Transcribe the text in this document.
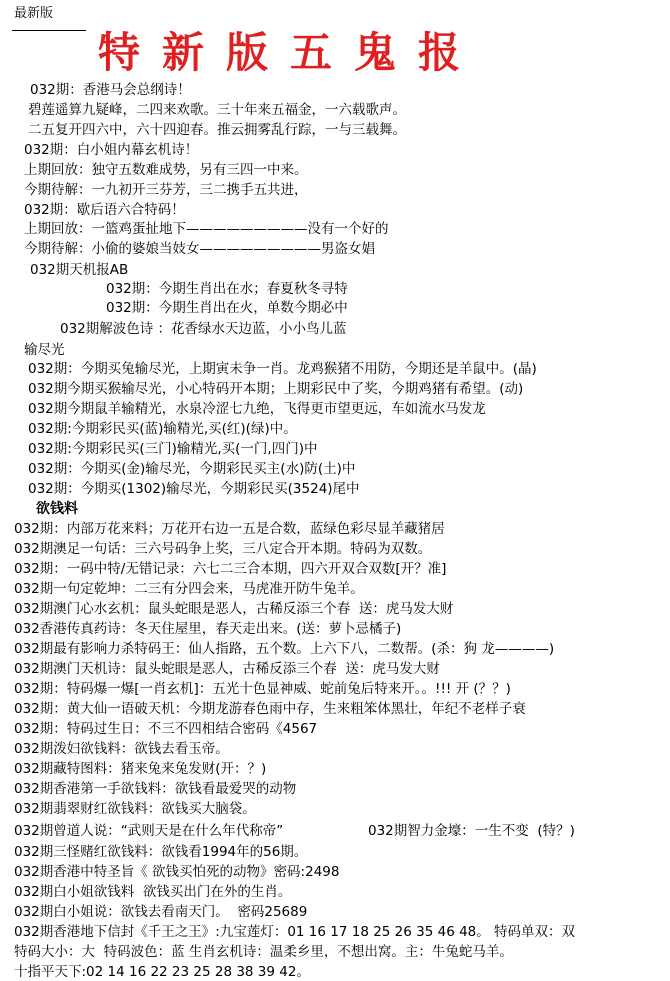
最新版
特新版五鬼报
032期：香港马会总纲诗！
碧莲遥算九疑峰，二四来欢歌。三十年来五福金，一六载歌声。
二五复开四六中，六十四迎春。推云拥雾乱行踪，一与三载舞。
032期：白小姐内幕玄机诗！
上期回放：独守五数难成势，另有三四一中来。
今期待解：一九初开三芬芳，三二携手五共进，
032期：歇后语六合特码！
上期回放：一篮鸡蛋扯地下—————————没有一个好的
今期待解：小偷的婆娘当妓女—————————男盗女娼
032期天机报AB
032期：今期生肖出在水；春夏秋冬寻特
032期：今期生肖出在火，单数今期必中
032期解波色诗 ：花香绿水天边蓝，小小鸟儿蓝
输尽光
032期：今期买兔输尽光，上期寅未争一肖。龙鸡猴猪不用防，今期还是羊鼠中。(晶)
032期今期买猴输尽光，小心特码开本期；上期彩民中了奖，今期鸡猪有希望。(动)
032期今期鼠羊输精光，水泉冷涩七九绝，飞得更市望更远，车如流水马发龙
032期:今期彩民买(蓝)输精光,买(红)(绿)中。
032期:今期彩民买(三门)输精光,买(一门,四门)中
032期：今期买(金)输尽光，今期彩民买主(水)防(土)中
032期：今期买(1302)输尽光，今期彩民买(3524)尾中
032期：内部万花来料；万花开右边一五是合数，蓝绿色彩尽显羊藏猪居
032期澳足一句话：三六号码争上奖，三八定合开本期。特码为双数。
032期：一码中特/无错记录：六七二三合本期，四六开双合双数[开？准]
032期一句定乾坤：二三有分四会来，马虎准开防牛兔羊。
032期澳门心水玄机：鼠头蛇眼是恶人，古稀反添三个春  送：虎马发大财
032香港传真药诗：冬天住屋里，春天走出来。(送：萝卜忌橘子)
032期最有影响力杀特码王：仙人指路，五个数。上六下八，二数帮。(杀：狗 龙————)
032期澳门天机诗：鼠头蛇眼是恶人，古稀反添三个春  送：虎马发大财
032期：特码爆一爆[一肖玄机]：五光十色显神威、蛇前兔后特来开。。!!! 开 (？？)
032期：黄大仙一语破天机：今期龙游春色雨中存，生来粗笨体黑壮，年纪不老样子衰
032期：特码过生日：不三不四相结合密码《4567
032期泼妇欲钱料：欲钱去看玉帝。
032期藏特图料：猪来兔来兔发财(开：？)
032期香港第一手欲钱料：欲钱看最爱哭的动物
032期翡翠财红欲钱料：欲钱买大脑袋。
032期曾道人说：“武则天是在什么年代称帝”	032期智力金壕：一生不变  (特？)
032期三怪赌红欲钱料：欲钱看1994年的56期。
032期香港中特圣旨《 欲钱买怕死的动物》密码:2498
032期白小姐欲钱料  欲钱买出门在外的生肖。
032期白小姐说：欲钱去看南天门。  密码25689
032期香港地下信封《千王之王》:九宝莲灯：01 16 17 18 25 26 35 46 48。 特码单双：双
特码大小：大  特码波色：蓝 生肖玄机诗：温柔乡里，不想出窝。主：牛兔蛇马羊。
十指平天下:02 14 16 22 23 25 28 38 39 42。
欲钱料
